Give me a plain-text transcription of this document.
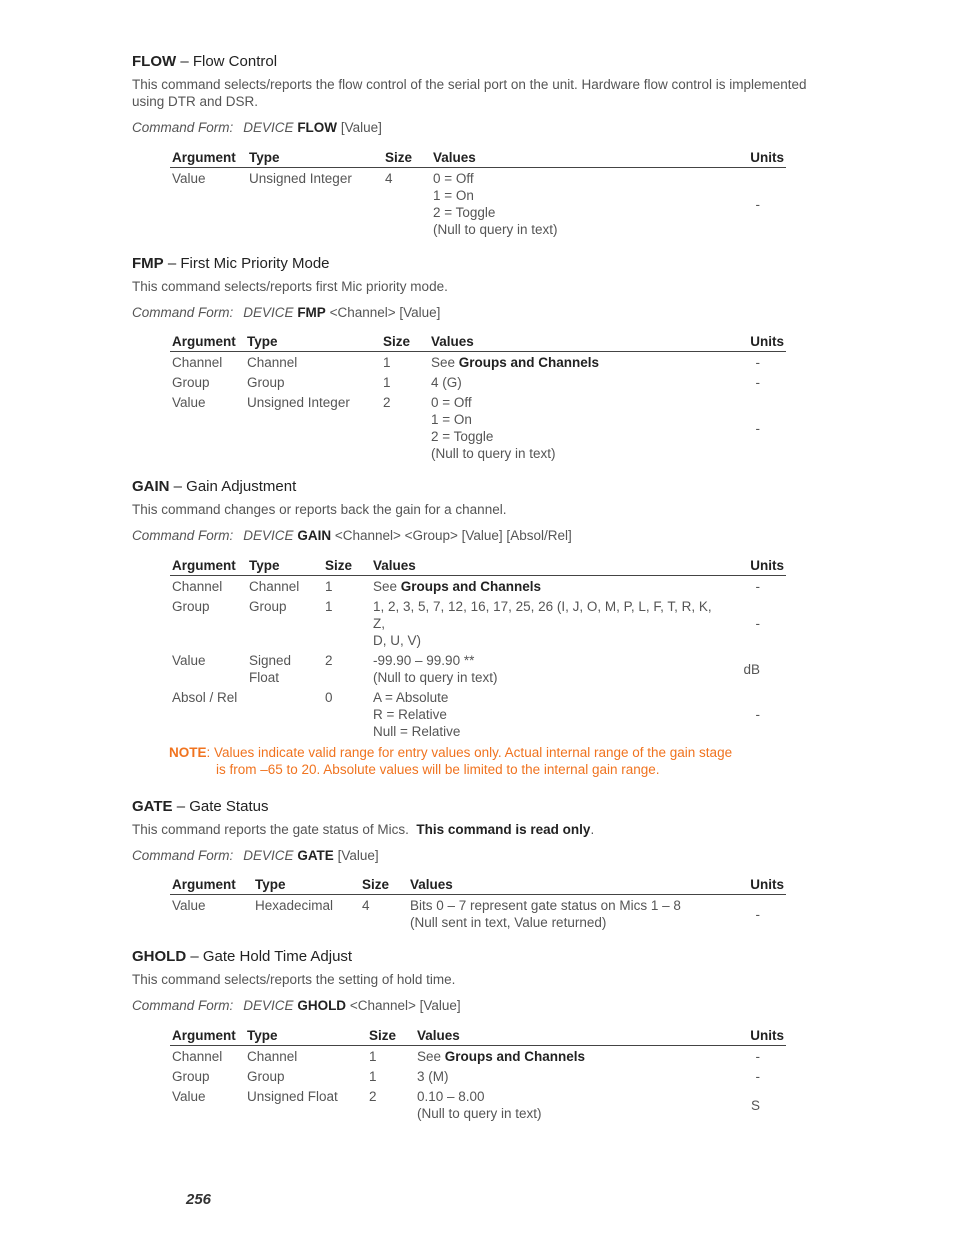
FLOW – Flow Control
This command selects/reports the flow control of the serial port on the unit. Hardware flow control is implemented using DTR and DSR.
Command Form: DEVICE FLOW [Value]
Argument	Type	Size	Values	Units
Value	Unsigned Integer	4	0 = Off
1 = On
2 = Toggle
(Null to query in text)	-
FMP – First Mic Priority Mode
This command selects/reports first Mic priority mode.
Command Form: DEVICE FMP <Channel> [Value]
Argument	Type	Size	Values	Units
Channel	Channel	1	See Groups and Channels	-
Group	Group	1	4 (G)	-
Value	Unsigned Integer	2	0 = Off
1 = On
2 = Toggle
(Null to query in text)	-
GAIN – Gain Adjustment
This command changes or reports back the gain for a channel.
Command Form: DEVICE GAIN <Channel> <Group> [Value] [Absol/Rel]
Argument	Type	Size	Values	Units
Channel	Channel	1	See Groups and Channels	-
Group	Group	1	1, 2, 3, 5, 7, 12, 16, 17, 25, 26 (I, J, O, M, P, L, F, T, R, K, Z,
D, U, V)	-
Value	Signed Float	2	-99.90 – 99.90 **
(Null to query in text)	dB
Absol / Rel		0	A = Absolute
R = Relative
Null = Relative	-
NOTE: Values indicate valid range for entry values only. Actual internal range of the gain stage
is from –65 to 20. Absolute values will be limited to the internal gain range.
GATE – Gate Status
This command reports the gate status of Mics. This command is read only.
Command Form: DEVICE GATE [Value]
Argument	Type	Size	Values	Units
Value	Hexadecimal	4	Bits 0 – 7 represent gate status on Mics 1 – 8
(Null sent in text, Value returned)	-
GHOLD – Gate Hold Time Adjust
This command selects/reports the setting of hold time.
Command Form: DEVICE GHOLD <Channel> [Value]
Argument	Type	Size	Values	Units
Channel	Channel	1	See Groups and Channels	-
Group	Group	1	3 (M)	-
Value	Unsigned Float	2	0.10 – 8.00
(Null to query in text)	S
256
